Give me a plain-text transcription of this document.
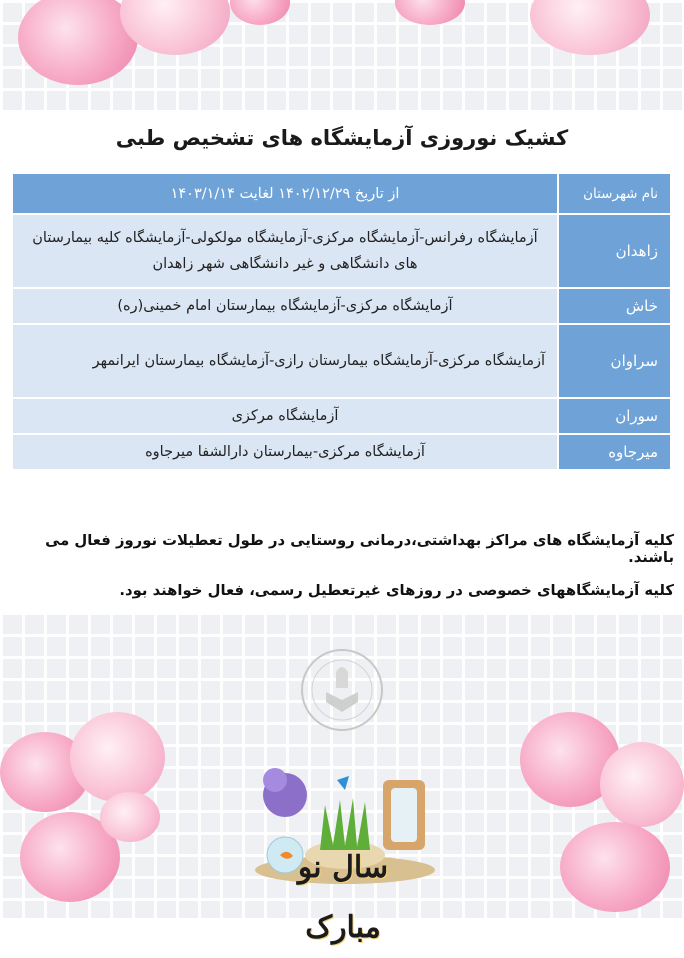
کشیک نوروزی آزمایشگاه های تشخیص طبی
نام شهرستان	از تاریخ ۱۴۰۲/۱۲/۲۹ لغایت ۱۴۰۳/۱/۱۴
زاهدان	آزمایشگاه رفرانس-آزمایشگاه مرکزی-آزمایشگاه مولکولی-آزمایشگاه کلیه بیمارستان های دانشگاهی و غیر دانشگاهی شهر زاهدان
خاش	آزمایشگاه مرکزی-آزمایشگاه بیمارستان امام خمینی(ره)
سراوان	آزمایشگاه مرکزی-آزمایشگاه بیمارستان رازی-آزمایشگاه بیمارستان ایرانمهر
سوران	آزمایشگاه مرکزی
میرجاوه	آزمایشگاه مرکزی-بیمارستان دارالشفا میرجاوه
کلیه آزمایشگاه های مراکز بهداشتی،درمانی روستایی در طول تعطیلات نوروز فعال می باشند.
کلیه آزمایشگاههای خصوصی در روزهای غیرتعطیل رسمی، فعال خواهند بود.
سال نو مبارک
